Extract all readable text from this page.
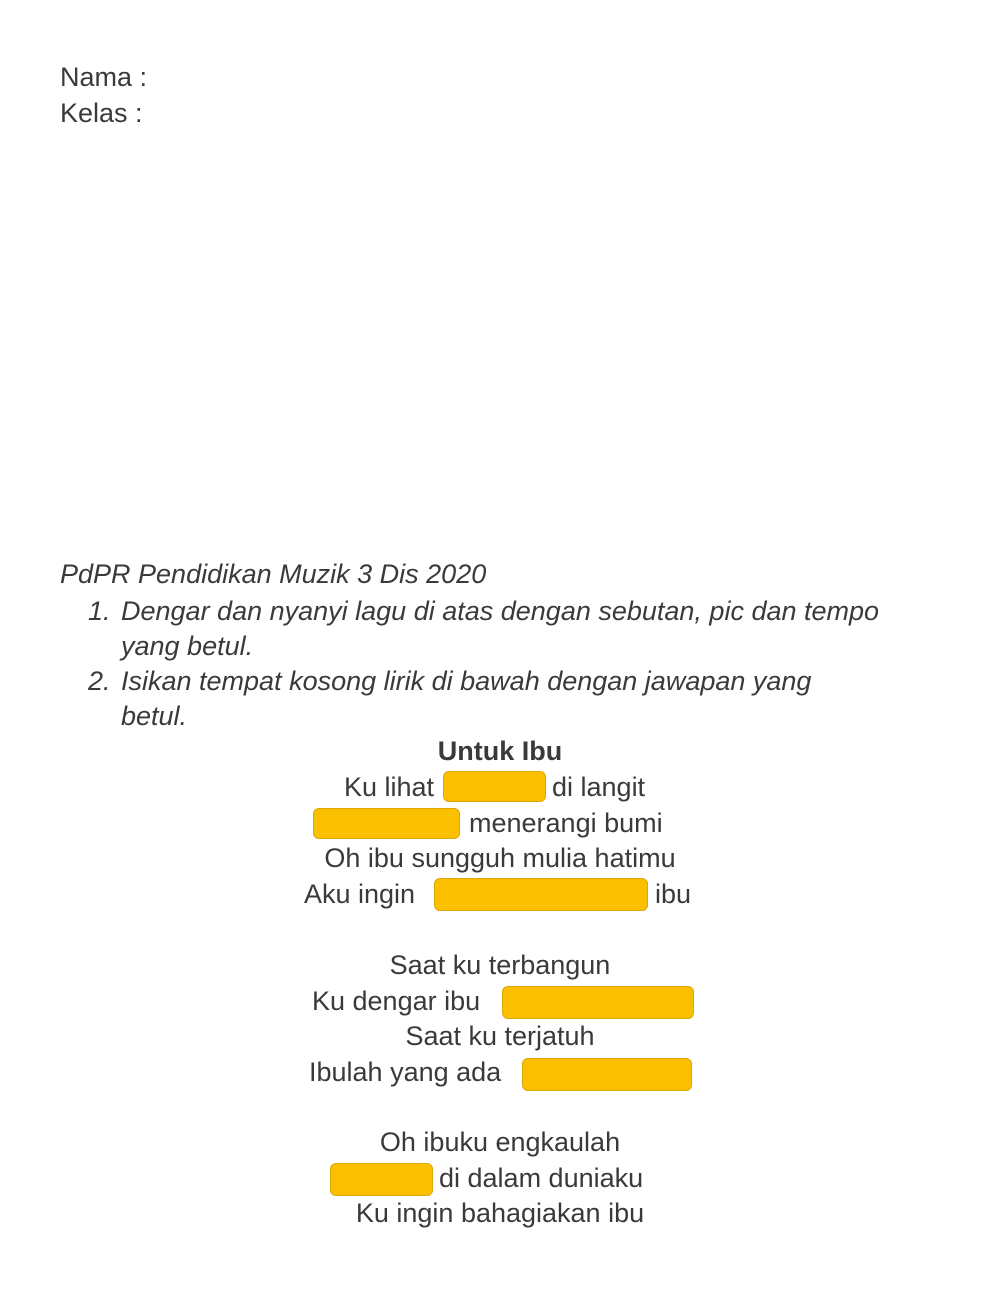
Nama :
Kelas :
PdPR Pendidikan Muzik 3 Dis 2020
1. Dengar dan nyanyi lagu di atas dengan sebutan, pic dan tempo
yang betul.
2. Isikan tempat kosong lirik di bawah dengan jawapan yang
betul.
Untuk Ibu
Ku lihat	di langit
menerangi bumi
Oh ibu sungguh mulia hatimu
Aku ingin	ibu
Saat ku terbangun
Ku dengar ibu
Saat ku terjatuh
Ibulah yang ada
Oh ibuku engkaulah
di dalam duniaku
Ku ingin bahagiakan ibu
